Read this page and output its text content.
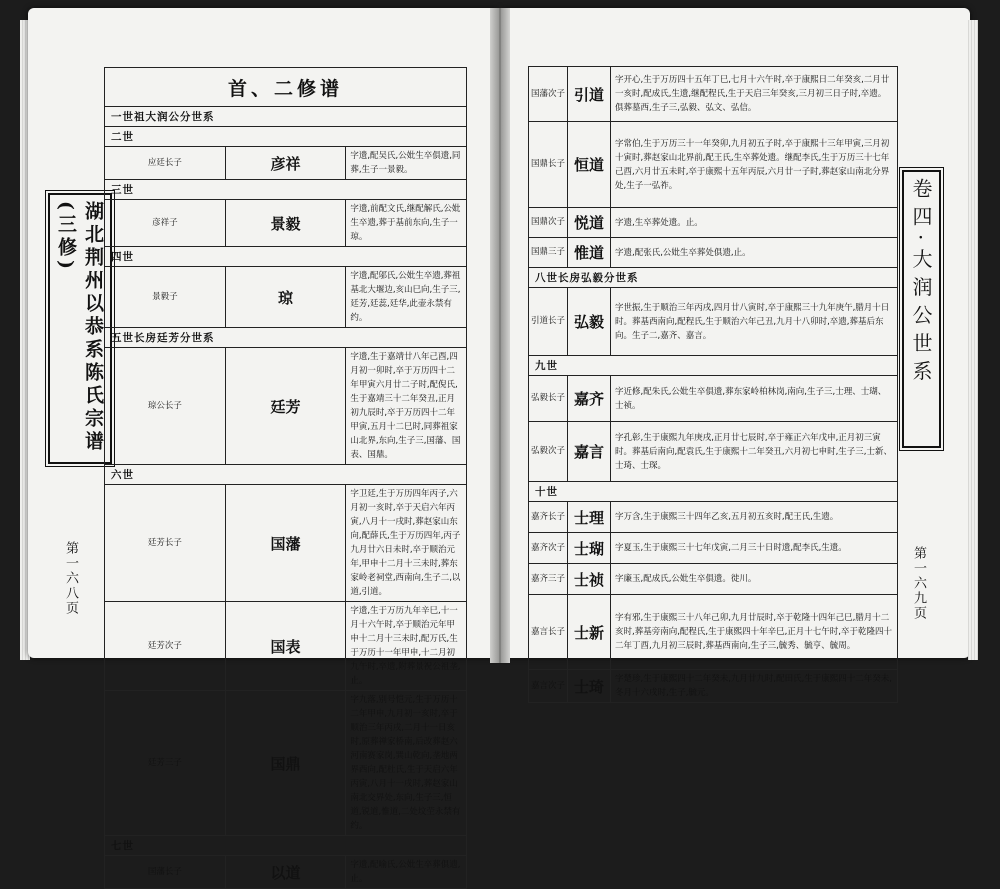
湖北荆州以恭系陈氏宗谱(三修)
第一六八页
卷四·大润公世系
第一六九页
首、二修谱		
一世祖大润公分世系		
二世		
应廷长子	彦祥	字遗,配吴氏,公妣生卒俱遗,同葬,生子一景毅。
三世		
彦祥子	景毅	字遗,前配文氏,继配解氏,公妣生卒遗,葬于基前东向,生子一琼。
四世		
景毅子	琼	字遗,配邬氏,公妣生卒遗,葬祖基北大堰边,亥山巳向,生子三,廷芳,廷蕊,廷华,此壶永禁有约。
五世长房廷芳分世系		
琼公长子	廷芳	字遗,生于嘉靖廿八年己酉,四月初一卯时,卒于万历四十二年甲寅六月廿二子时,配倪氏,生于嘉靖三十二年癸丑,正月初九辰时,卒于万历四十二年甲寅,五月十二巳时,同葬祖家山北界,东向,生子三,国藩、国表、国鼎。
六世		
廷芳长子	国藩	字卫廷,生于万历四年丙子,六月初一亥时,卒于天启六年丙寅,八月十一戌时,葬赵家山东向,配薛氏,生于万历四年,丙子九月廿六日未时,卒于顺治元年,甲申十二月十三未时,葬东家岭老祠堂,西南向,生子二,以道,引道。
廷芳次子	国表	字遗,生于万历九年辛巳,十一月十六午时,卒于顺治元年甲申十二月十三未时,配万氏,生于万历十一年甲申,十二月初九午时,卒遗,附葬景祝公祖垄,止。
廷芳三子	国鼎	字九落,别号恺元,生于万历十二年甲申,九月初一亥时,卒于顺治三年丙戌,二月十一日亥时,原葬禅家桥南,后改葬赵六河南赛家岗,巽山乾向,垄地两界西向,配杜氏,生于天启六年丙寅,八月十一戌时,葬赵家山南北交界处,东向,生子三,恒道,锐道,惟道,二处坟茔永禁有约。
七世		
国藩长子	以道	字遗,配喻氏,公妣生卒葬俱遗,止。
国藩次子	引道	字开心,生于万历四十五年丁巳,七月十六午时,卒于康熙日二年癸亥,二月廿一亥时,配成氏,生遗,继配程氏,生于天启三年癸亥,三月初三日子时,卒遗。俱葬墓西,生子三,弘毅、弘文、弘信。
国鼎长子	恒道	字常伯,生于万历三十一年癸卯,九月初五子时,卒于康熙十三年甲寅,三月初十寅时,葬赵家山北界前,配王氏,生卒葬处遗。继配李氏,生于万历三十七年己酉,六月廿五未时,卒于康熙十五年丙辰,六月廿一子时,葬赵家山南北分界处,生子一弘祚。
国鼎次子	悦道	字遗,生卒葬处遗。止。
国鼎三子	惟道	字遗,配张氏,公妣生卒葬处俱遗,止。
八世长房弘毅分世系		
引道长子	弘毅	字世振,生于顺治三年丙戌,四月廿八寅时,卒于康熙三十九年庚午,腊月十日 时。葬基西南向,配程氏,生于顺治六年己丑,九月十八卯时,卒遗,葬基后东向。生子二,嘉齐、嘉言。
九世		
弘毅长子	嘉齐	字近修,配朱氏,公妣生卒俱遗,葬东家岭柏林岗,南向,生子三,士理、士瑚、士祯。
弘毅次子	嘉言	字孔彰,生于康熙九年庚戌,正月廿七辰时,卒于雍正六年戊申,正月初三寅时。葬基后南向,配袁氏,生于康熙十二年癸丑,六月初七申时,生子三,士新、士琦、士琛。
十世		
嘉齐长子	士理	字万含,生于康熙三十四年乙亥,五月初五亥时,配王氏,生遗。
嘉齐次子	士瑚	字夏玉,生于康熙三十七年戊寅,二月三十日时遗,配李氏,生遗。
嘉齐三子	士祯	字廉玉,配成氏,公妣生卒俱遗。徙川。
嘉言长子	士新	字有邪,生于康熙三十八年己卯,九月廿辰时,卒于乾隆十四年己巳,腊月十二亥时,葬基旁南向,配程氏,生于康熙四十年辛巳,正月十七午时,卒于乾隆四十二年丁酉,九月初三辰时,葬基西南向,生子三,毓秀、毓亨、毓周。
嘉言次子	士琦	字楚珍,生于康熙四十二年癸未,九月廿九时,配田氏,生于康熙四十二年癸未,冬月十六戌时,生子,毓元。
